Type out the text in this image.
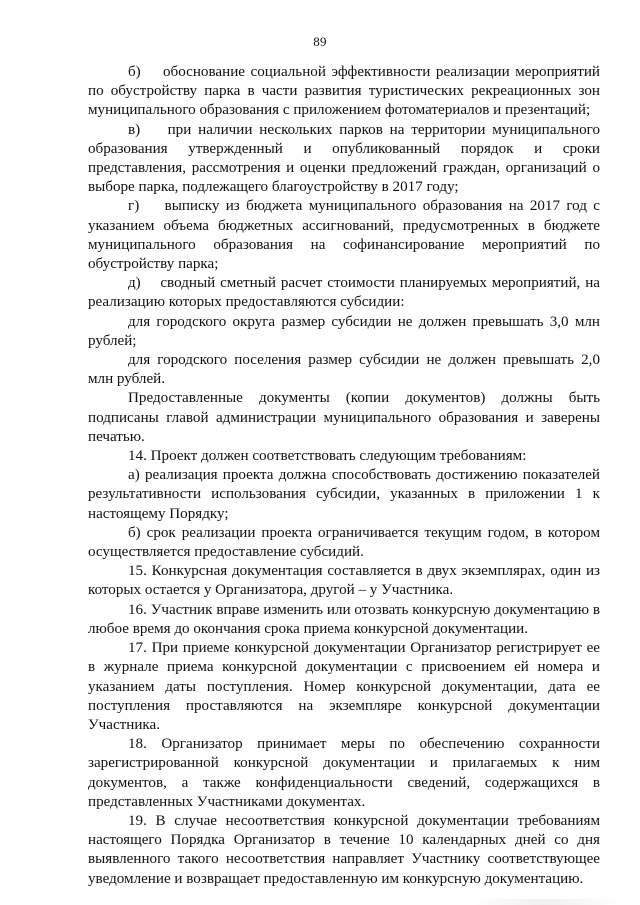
89

б)    обоснование социальной эффективности реализации мероприятий по обустройству парка в части развития туристических рекреационных зон муниципального образования с приложением фотоматериалов и презентаций;

в)    при наличии нескольких парков на территории муниципального образования утвержденный и опубликованный порядок и сроки представления, рассмотрения и оценки предложений граждан, организаций о выборе парка, подлежащего благоустройству в 2017 году;

г)    выписку из бюджета муниципального образования на 2017 год с указанием объема бюджетных ассигнований, предусмотренных в бюджете муниципального образования на софинансирование мероприятий по обустройству парка;

д)    сводный сметный расчет стоимости планируемых мероприятий, на реализацию которых предоставляются субсидии:

для городского округа размер субсидии не должен превышать 3,0 млн рублей;

для городского поселения размер субсидии не должен превышать 2,0 млн рублей.

Предоставленные документы (копии документов) должны быть подписаны главой администрации муниципального образования и заверены печатью.

14. Проект должен соответствовать следующим требованиям:

а) реализация проекта должна способствовать достижению показателей результативности использования субсидии, указанных в приложении 1 к настоящему Порядку;

б) срок реализации проекта ограничивается текущим годом, в котором осуществляется предоставление субсидий.

15. Конкурсная документация составляется в двух экземплярах, один из которых остается у Организатора, другой – у Участника.

16. Участник вправе изменить или отозвать конкурсную документацию в любое время до окончания срока приема конкурсной документации.

17. При приеме конкурсной документации Организатор регистрирует ее в журнале приема конкурсной документации с присвоением ей номера и указанием даты поступления. Номер конкурсной документации, дата ее поступления проставляются на экземпляре конкурсной документации Участника.

18. Организатор принимает меры по обеспечению сохранности зарегистрированной конкурсной документации и прилагаемых к ним документов, а также конфиденциальности сведений, содержащихся в представленных Участниками документах.

19. В случае несоответствия конкурсной документации требованиям настоящего Порядка Организатор в течение 10 календарных дней со дня выявленного такого несоответствия направляет Участнику соответствующее уведомление и возвращает предоставленную им конкурсную документацию.
